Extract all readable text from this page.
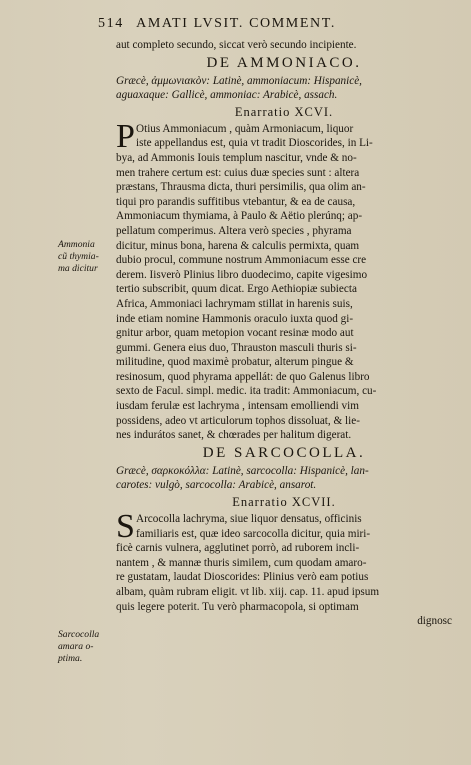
514 AMATI LVSIT. COMMENT.
Ammonia
cũ thymia-
ma dicitur
Sarcocolla
amara o-
ptima.
aut completo secundo, siccat verò secundo incipiente.
DE AMMONIACO.
Græcè, ἀμμωνιακὸν: Latinè, ammoniacum: Hispanicè,
aguaxaque: Gallicè, ammoniac: Arabicè, assach.
Enarratio XCVI.
P Otius Ammoniacum , quàm Armoniacum, liquor
iste appellandus est, quia vt tradit Dioscorides, in Li-
bya, ad Ammonis Iouis templum nascitur, vnde & no-
men trahere certum est: cuius duæ species sunt : altera
præstans, Thrausma dicta, thuri persimilis, qua olim an-
tiqui pro parandis suffitibus vtebantur, & ea de causa,
Ammoniacum thymiama, à Paulo & Aëtio plerúnq; ap-
pellatum comperimus. Altera verò species , phyrama
dicitur, minus bona, harena & calculis permixta, quam
dubio procul, commune nostrum Ammoniacum esse cre
derem. Iisverò Plinius libro duodecimo, capite vigesimo
tertio subscribit, quum dicat. Ergo Aethiopiæ subiecta
Africa, Ammoniaci lachrymam stillat in harenis suis,
inde etiam nomine Hammonis oraculo iuxta quod gi-
gnitur arbor, quam metopion vocant resinæ modo aut
gummi. Genera eius duo, Thrauston masculi thuris si-
militudine, quod maximè probatur, alterum pingue &
resinosum, quod phyrama appellát: de quo Galenus libro
sexto de Facul. simpl. medic. ita tradit: Ammoniacum, cu-
iusdam ferulæ est lachryma , intensam emolliendi vim
possidens, adeo vt articulorum tophos dissoluat, & lie-
nes indurátos sanet, & chœrades per halitum digerat.
DE SARCOCOLLA.
Græcè, σαρκοκόλλα: Latinè, sarcocolla: Hispanicè, lan-
carotes: vulgò, sarcocolla: Arabicè, ansarot.
Enarratio XCVII.
S Arcocolla lachryma, siue liquor densatus, officinis
familiaris est, quæ ideo sarcocolla dicitur, quia miri-
ficè carnis vulnera, agglutinet porrò, ad ruborem incli-
nantem , & mannæ thuris similem, cum quodam amaro-
re gustatam, laudat Dioscorides: Plinius verò eam potius
albam, quàm rubram eligit. vt lib. xiij. cap. 11. apud ipsum
quis legere poterit. Tu verò pharmacopola, si optimam
dignosc
